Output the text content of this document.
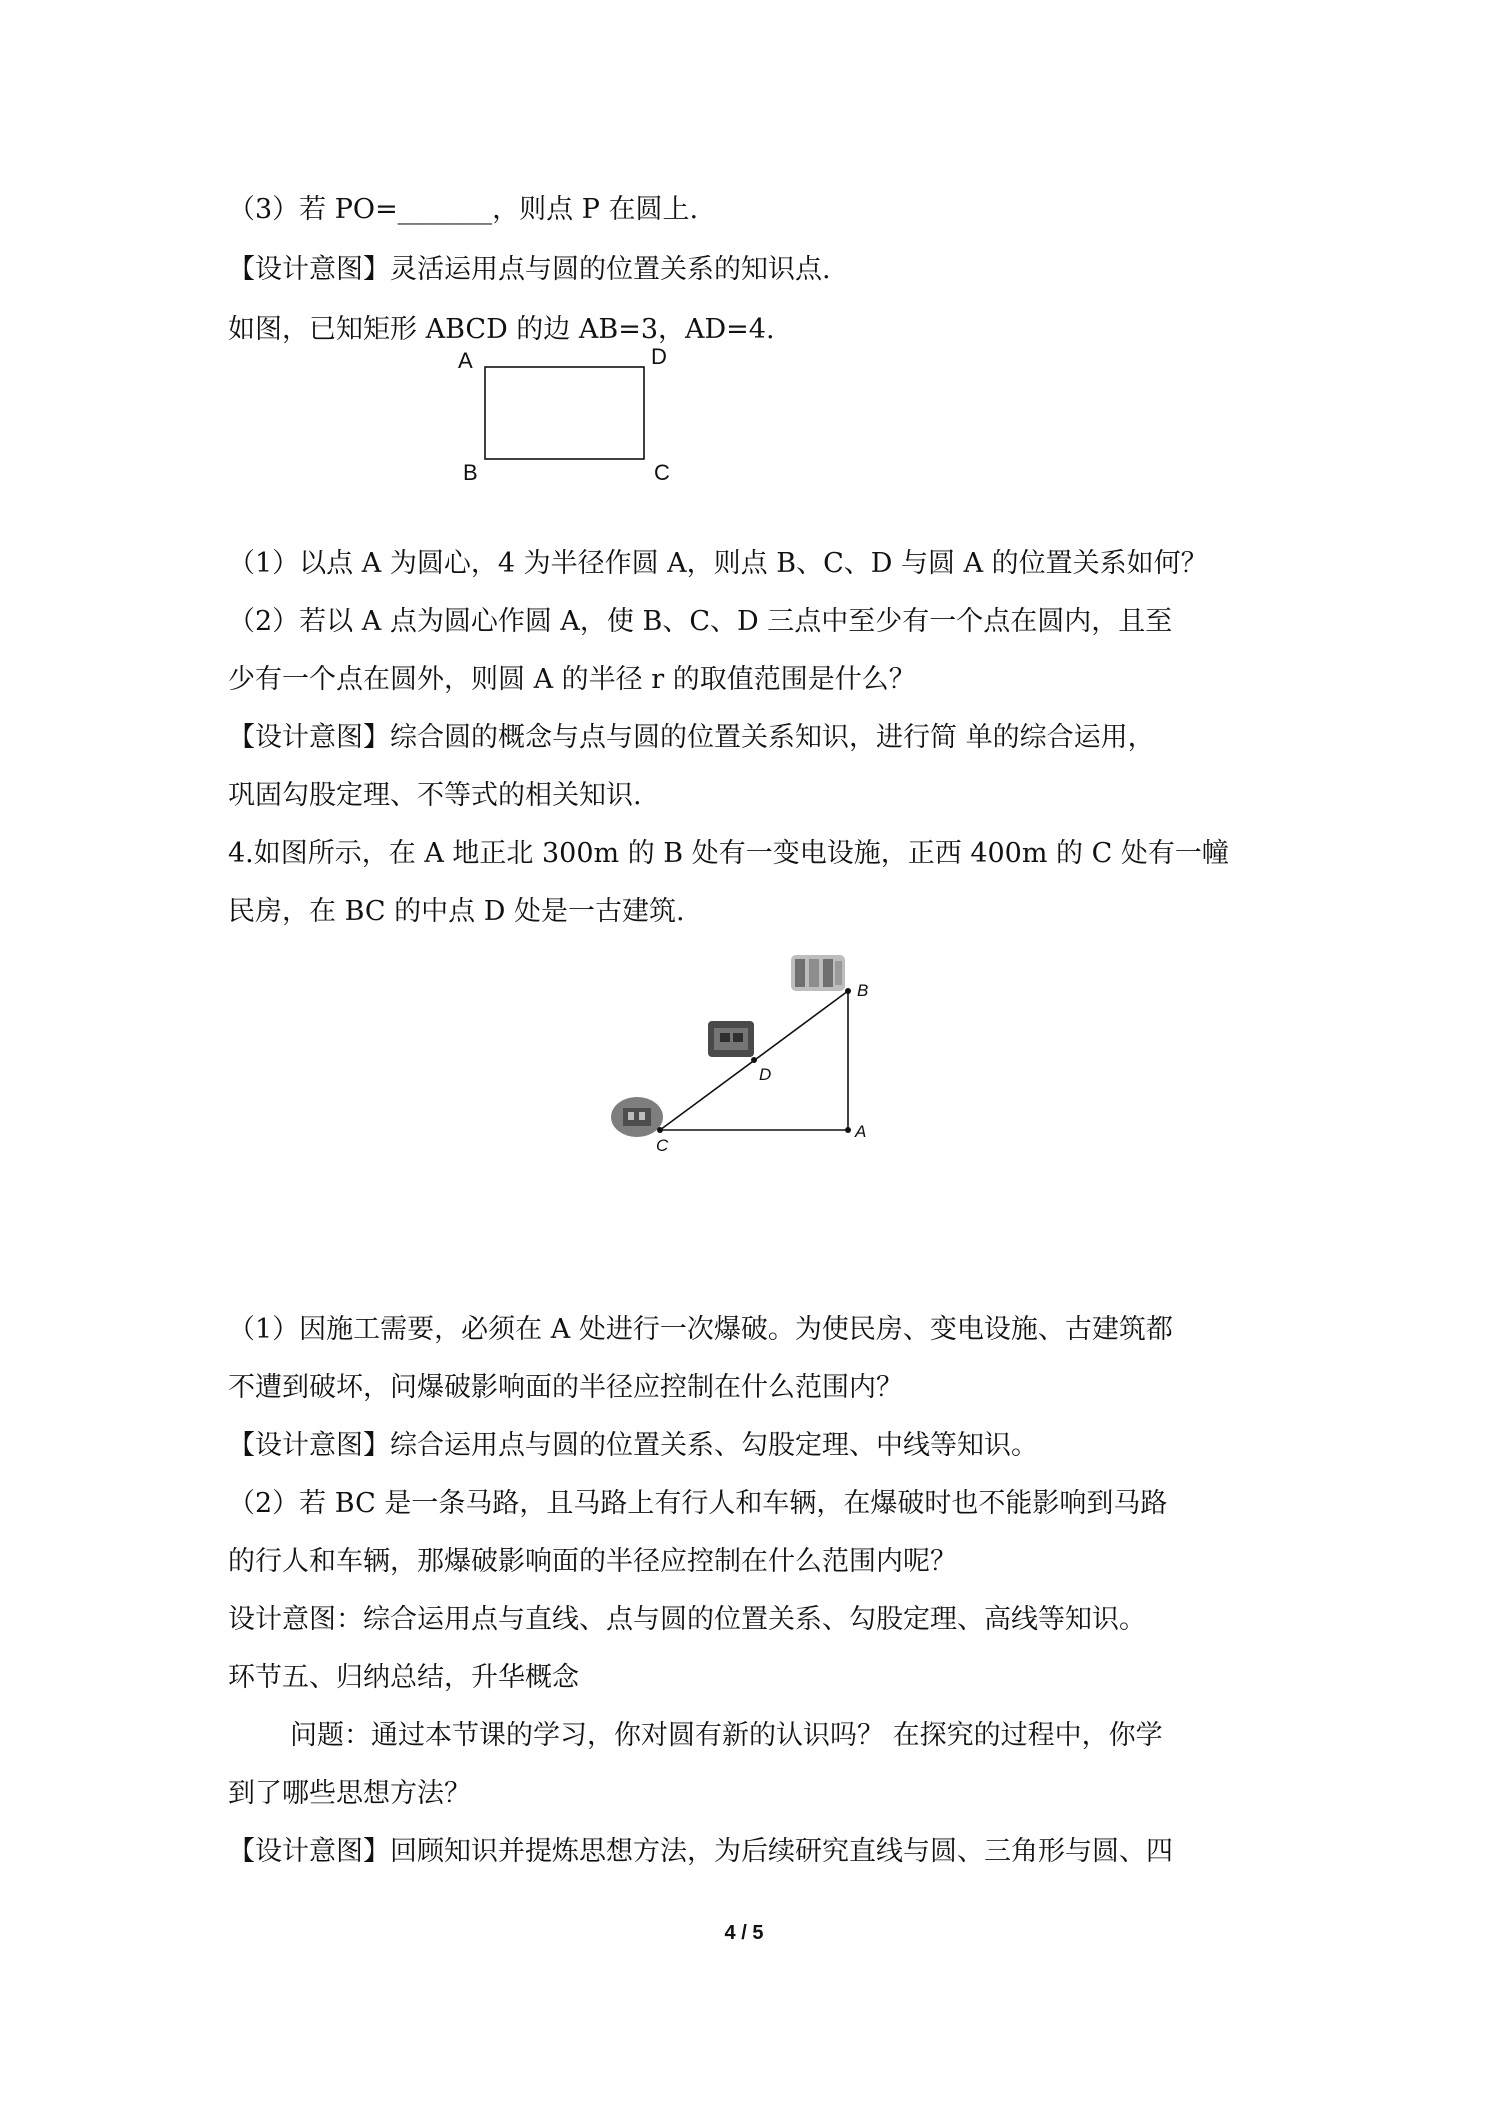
（3）若 PO=_______，则点 P 在圆上.
【设计意图】灵活运用点与圆的位置关系的知识点.
如图，已知矩形 ABCD 的边 AB=3，AD=4.
A	D
B	C
（1）以点 A 为圆心，4 为半径作圆 A，则点 B、C、D 与圆 A 的位置关系如何？
（2）若以 A 点为圆心作圆 A，使 B、C、D 三点中至少有一个点在圆内，且至
少有一个点在圆外，则圆 A 的半径 r 的取值范围是什么？
【设计意图】综合圆的概念与点与圆的位置关系知识，进行简 单的综合运用，
巩固勾股定理、不等式的相关知识.
4.如图所示，在 A 地正北 300m 的 B 处有一变电设施，正西 400m 的 C 处有一幢
民房，在 BC 的中点 D 处是一古建筑.
B
D
A
C
（1）因施工需要，必须在 A 处进行一次爆破。为使民房、变电设施、古建筑都
不遭到破坏，问爆破影响面的半径应控制在什么范围内？
【设计意图】综合运用点与圆的位置关系、勾股定理、中线等知识。
（2）若 BC 是一条马路，且马路上有行人和车辆，在爆破时也不能影响到马路
的行人和车辆，那爆破影响面的半径应控制在什么范围内呢？
设计意图：综合运用点与直线、点与圆的位置关系、勾股定理、高线等知识。
环节五、归纳总结，升华概念
问题：通过本节课的学习，你对圆有新的认识吗？ 在探究的过程中，你学
到了哪些思想方法？
【设计意图】回顾知识并提炼思想方法，为后续研究直线与圆、三角形与圆、四
4 / 5
